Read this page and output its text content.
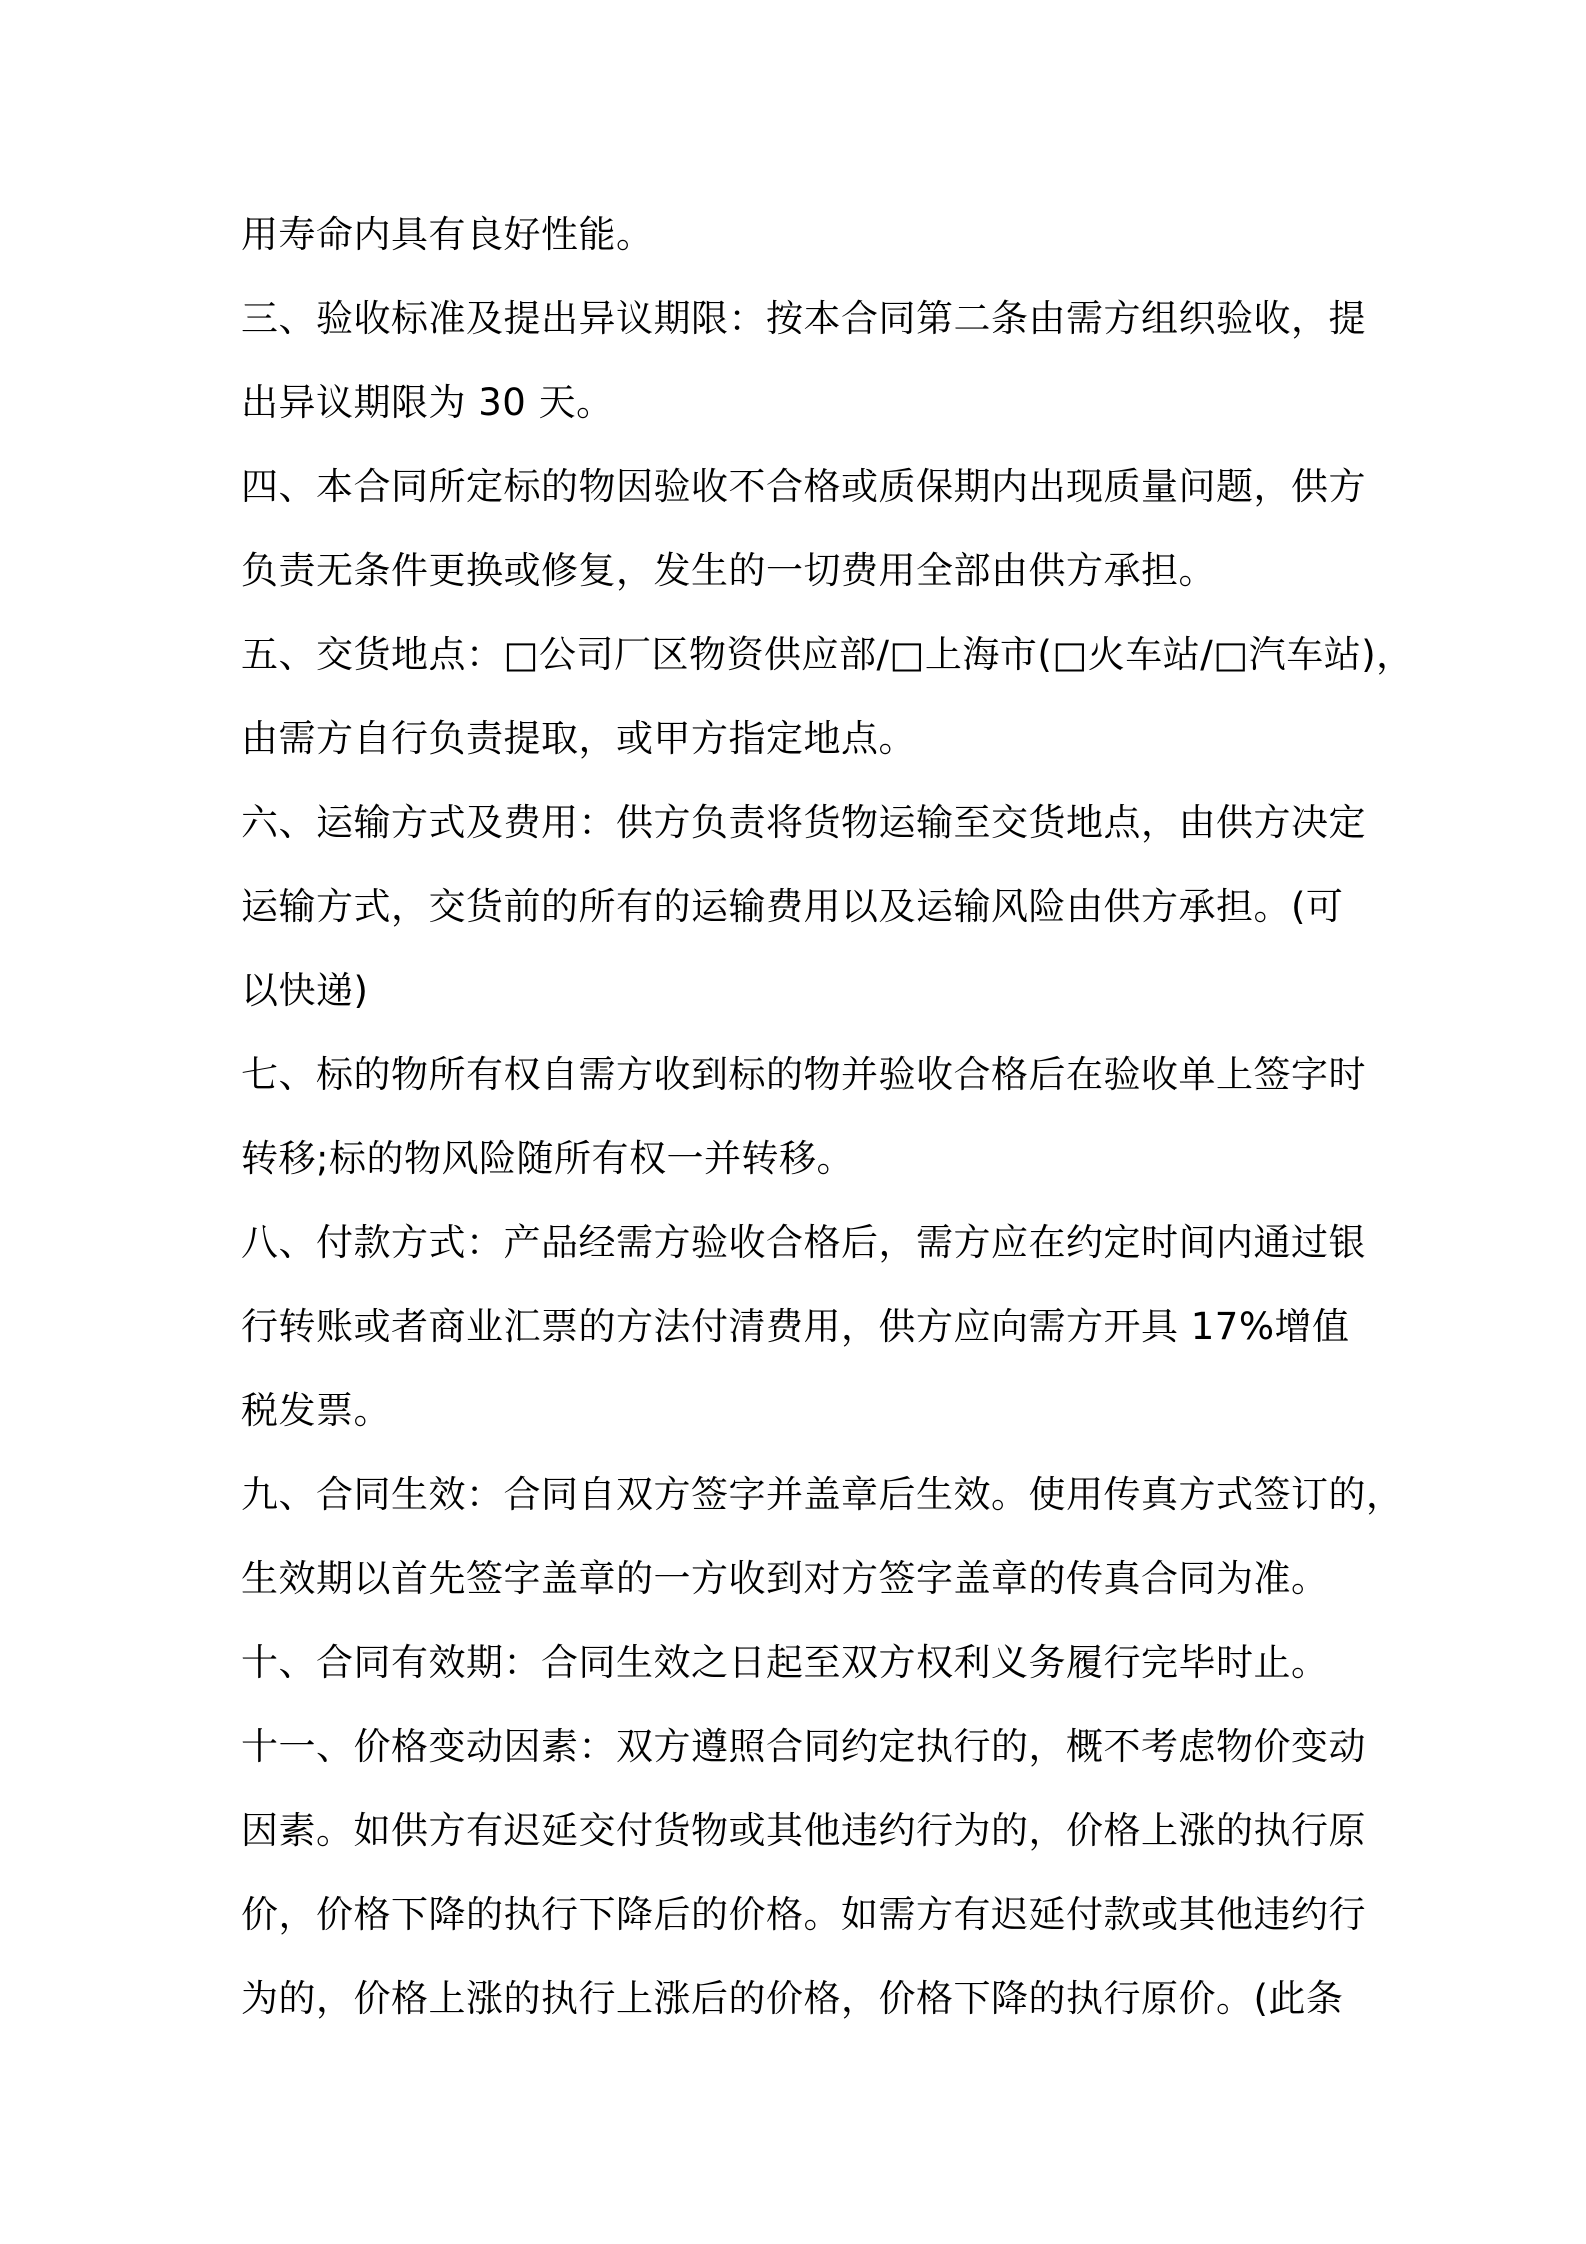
用寿命内具有良好性能。
三、验收标准及提出异议期限：按本合同第二条由需方组织验收，提
出异议期限为 30 天。
四、本合同所定标的物因验收不合格或质保期内出现质量问题，供方
负责无条件更换或修复，发生的一切费用全部由供方承担。
五、交货地点：□公司厂区物资供应部/□上海市(□火车站/□汽车站)，
由需方自行负责提取，或甲方指定地点。
六、运输方式及费用：供方负责将货物运输至交货地点，由供方决定
运输方式，交货前的所有的运输费用以及运输风险由供方承担。(可
以快递)
七、标的物所有权自需方收到标的物并验收合格后在验收单上签字时
转移;标的物风险随所有权一并转移。
八、付款方式：产品经需方验收合格后，需方应在约定时间内通过银
行转账或者商业汇票的方法付清费用，供方应向需方开具 17%增值
税发票。
九、合同生效：合同自双方签字并盖章后生效。使用传真方式签订的，
生效期以首先签字盖章的一方收到对方签字盖章的传真合同为准。
十、合同有效期：合同生效之日起至双方权利义务履行完毕时止。
十一、价格变动因素：双方遵照合同约定执行的，概不考虑物价变动
因素。如供方有迟延交付货物或其他违约行为的，价格上涨的执行原
价，价格下降的执行下降后的价格。如需方有迟延付款或其他违约行
为的，价格上涨的执行上涨后的价格，价格下降的执行原价。(此条
